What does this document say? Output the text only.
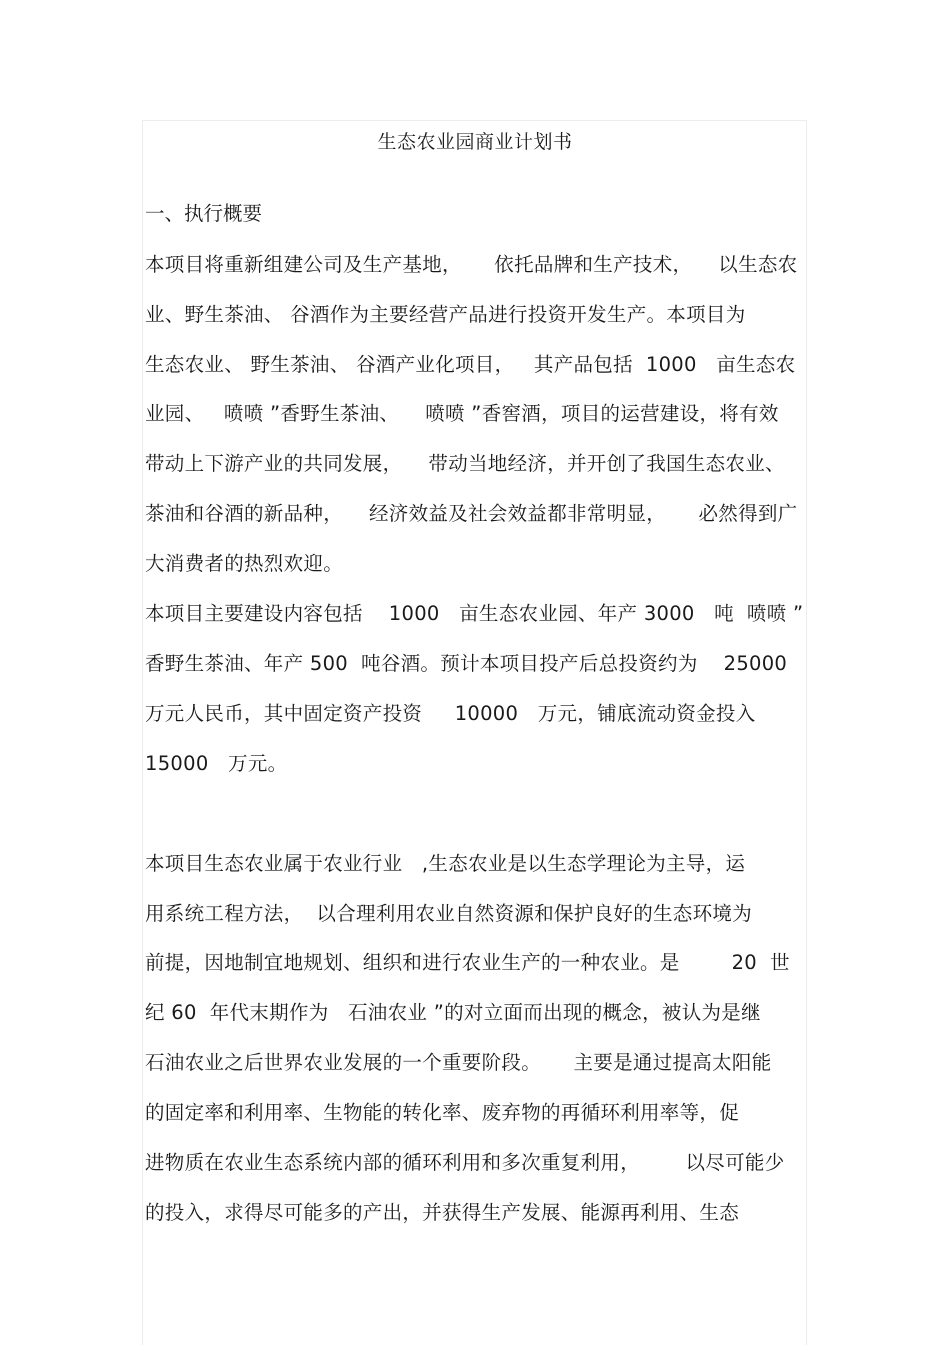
生态农业园商业计划书
一、执行概要
本项目将重新组建公司及生产基地，     依托品牌和生产技术，    以生态农
业、野生茶油、 谷酒作为主要经营产品进行投资开发生产。本项目为
生态农业、 野生茶油、 谷酒产业化项目，   其产品包括  1000   亩生态农
业园、   喷喷 ”香野生茶油、    喷喷 ”香窖酒，项目的运营建设，将有效
带动上下游产业的共同发展，    带动当地经济，并开创了我国生态农业、
茶油和谷酒的新品种，    经济效益及社会效益都非常明显，     必然得到广
大消费者的热烈欢迎。
本项目主要建设内容包括    1000   亩生态农业园、年产 3000   吨  喷喷 ”
香野生茶油、年产 500  吨谷酒。预计本项目投产后总投资约为    25000
万元人民币，其中固定资产投资     10000   万元，铺底流动资金投入
15000   万元。
本项目生态农业属于农业行业   ,生态农业是以生态学理论为主导，运
用系统工程方法，  以合理利用农业自然资源和保护良好的生态环境为
前提，因地制宜地规划、组织和进行农业生产的一种农业。是        20  世
纪 60  年代末期作为   石油农业 ”的对立面而出现的概念，被认为是继
石油农业之后世界农业发展的一个重要阶段。     主要是通过提高太阳能
的固定率和利用率、生物能的转化率、废弃物的再循环利用率等，促
进物质在农业生态系统内部的循环利用和多次重复利用，       以尽可能少
的投入，求得尽可能多的产出，并获得生产发展、能源再利用、生态
